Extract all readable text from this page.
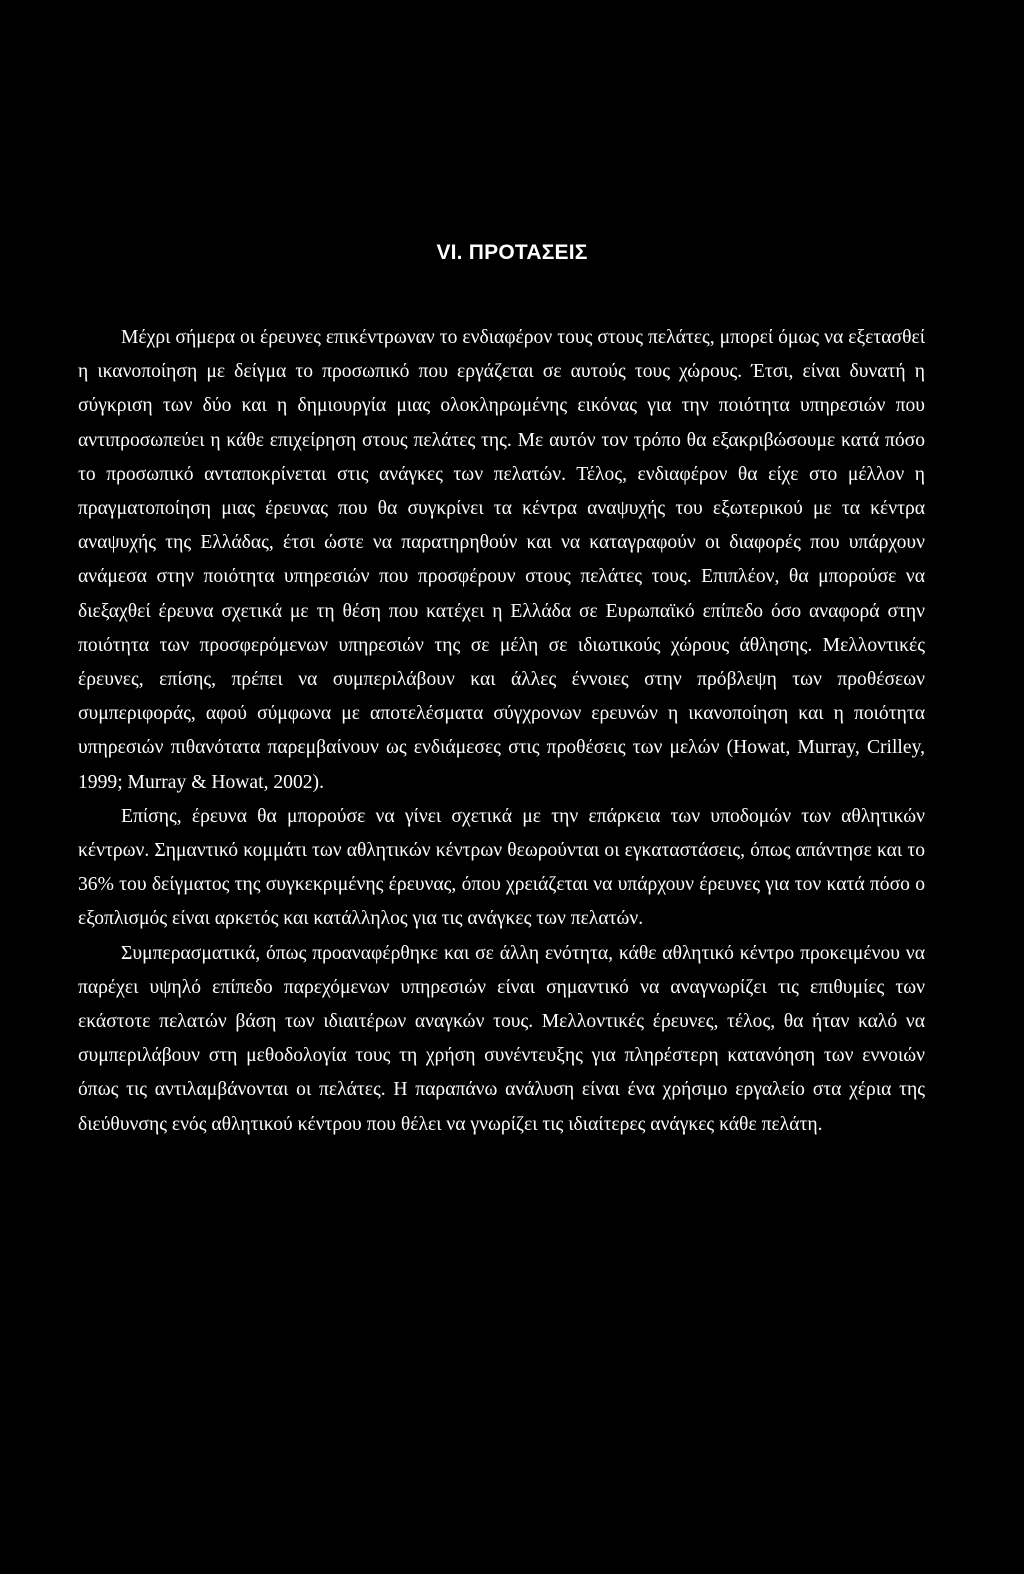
VI. ΠΡΟΤΑΣΕΙΣ

Μέχρι σήμερα οι έρευνες επικέντρωναν το ενδιαφέρον τους στους πελάτες, μπορεί όμως να εξετασθεί η ικανοποίηση με δείγμα το προσωπικό που εργάζεται σε αυτούς τους χώρους. Έτσι, είναι δυνατή η σύγκριση των δύο και η δημιουργία μιας ολοκληρωμένης εικόνας για την ποιότητα υπηρεσιών που αντιπροσωπεύει η κάθε επιχείρηση στους πελάτες της. Με αυτόν τον τρόπο θα εξακριβώσουμε κατά πόσο το προσωπικό ανταποκρίνεται στις ανάγκες των πελατών. Τέλος, ενδιαφέρον θα είχε στο μέλλον η πραγματοποίηση μιας έρευνας που θα συγκρίνει τα κέντρα αναψυχής του εξωτερικού με τα κέντρα αναψυχής της Ελλάδας, έτσι ώστε να παρατηρηθούν και να καταγραφούν οι διαφορές που υπάρχουν ανάμεσα στην ποιότητα υπηρεσιών που προσφέρουν στους πελάτες τους. Επιπλέον, θα μπορούσε να διεξαχθεί έρευνα σχετικά με τη θέση που κατέχει η Ελλάδα σε Ευρωπαϊκό επίπεδο όσο αναφορά στην ποιότητα των προσφερόμενων υπηρεσιών της σε μέλη σε ιδιωτικούς χώρους άθλησης. Μελλοντικές έρευνες, επίσης, πρέπει να συμπεριλάβουν και άλλες έννοιες στην πρόβλεψη των προθέσεων συμπεριφοράς, αφού σύμφωνα με αποτελέσματα σύγχρονων ερευνών η ικανοποίηση και η ποιότητα υπηρεσιών πιθανότατα παρεμβαίνουν ως ενδιάμεσες στις προθέσεις των μελών (Howat, Murray, Crilley, 1999; Murray & Howat, 2002).

Επίσης, έρευνα θα μπορούσε να γίνει σχετικά με την επάρκεια των υποδομών των αθλητικών κέντρων. Σημαντικό κομμάτι των αθλητικών κέντρων θεωρούνται οι εγκαταστάσεις, όπως απάντησε και το 36% του δείγματος της συγκεκριμένης έρευνας, όπου χρειάζεται να υπάρχουν έρευνες για τον κατά πόσο ο εξοπλισμός είναι αρκετός και κατάλληλος για τις ανάγκες των πελατών.

Συμπερασματικά, όπως προαναφέρθηκε και σε άλλη ενότητα, κάθε αθλητικό κέντρο προκειμένου να παρέχει υψηλό επίπεδο παρεχόμενων υπηρεσιών είναι σημαντικό να αναγνωρίζει τις επιθυμίες των εκάστοτε πελατών βάση των ιδιαιτέρων αναγκών τους. Μελλοντικές έρευνες, τέλος, θα ήταν καλό να συμπεριλάβουν στη μεθοδολογία τους τη χρήση συνέντευξης για πληρέστερη κατανόηση των εννοιών όπως τις αντιλαμβάνονται οι πελάτες. Η παραπάνω ανάλυση είναι ένα χρήσιμο εργαλείο στα χέρια της διεύθυνσης ενός αθλητικού κέντρου που θέλει να γνωρίζει τις ιδιαίτερες ανάγκες κάθε πελάτη.
